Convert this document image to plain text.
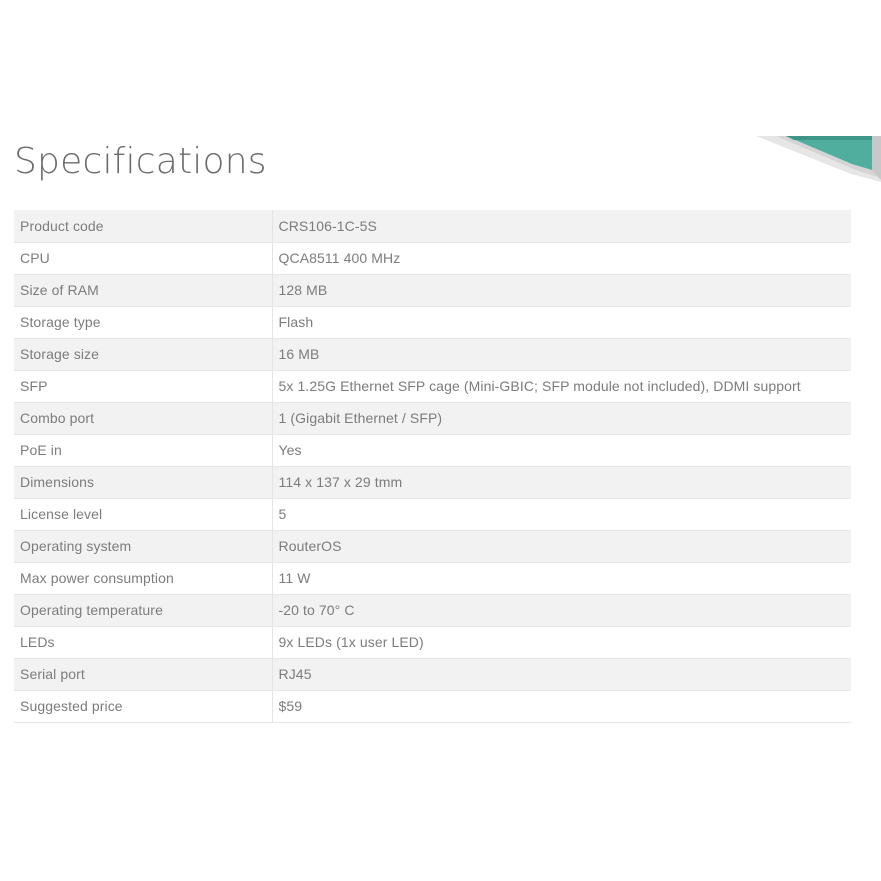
Specifications
Product code	CRS106-1C-5S
CPU	QCA8511 400 MHz
Size of RAM	128 MB
Storage type	Flash
Storage size	16 MB
SFP	5x 1.25G Ethernet SFP cage (Mini-GBIC; SFP module not included), DDMI support
Combo port	1 (Gigabit Ethernet / SFP)
PoE in	Yes
Dimensions	114 x 137 x 29 tmm
License level	5
Operating system	RouterOS
Max power consumption	11 W
Operating temperature	-20 to 70° C
LEDs	9x LEDs (1x user LED)
Serial port	RJ45
Suggested price	$59
